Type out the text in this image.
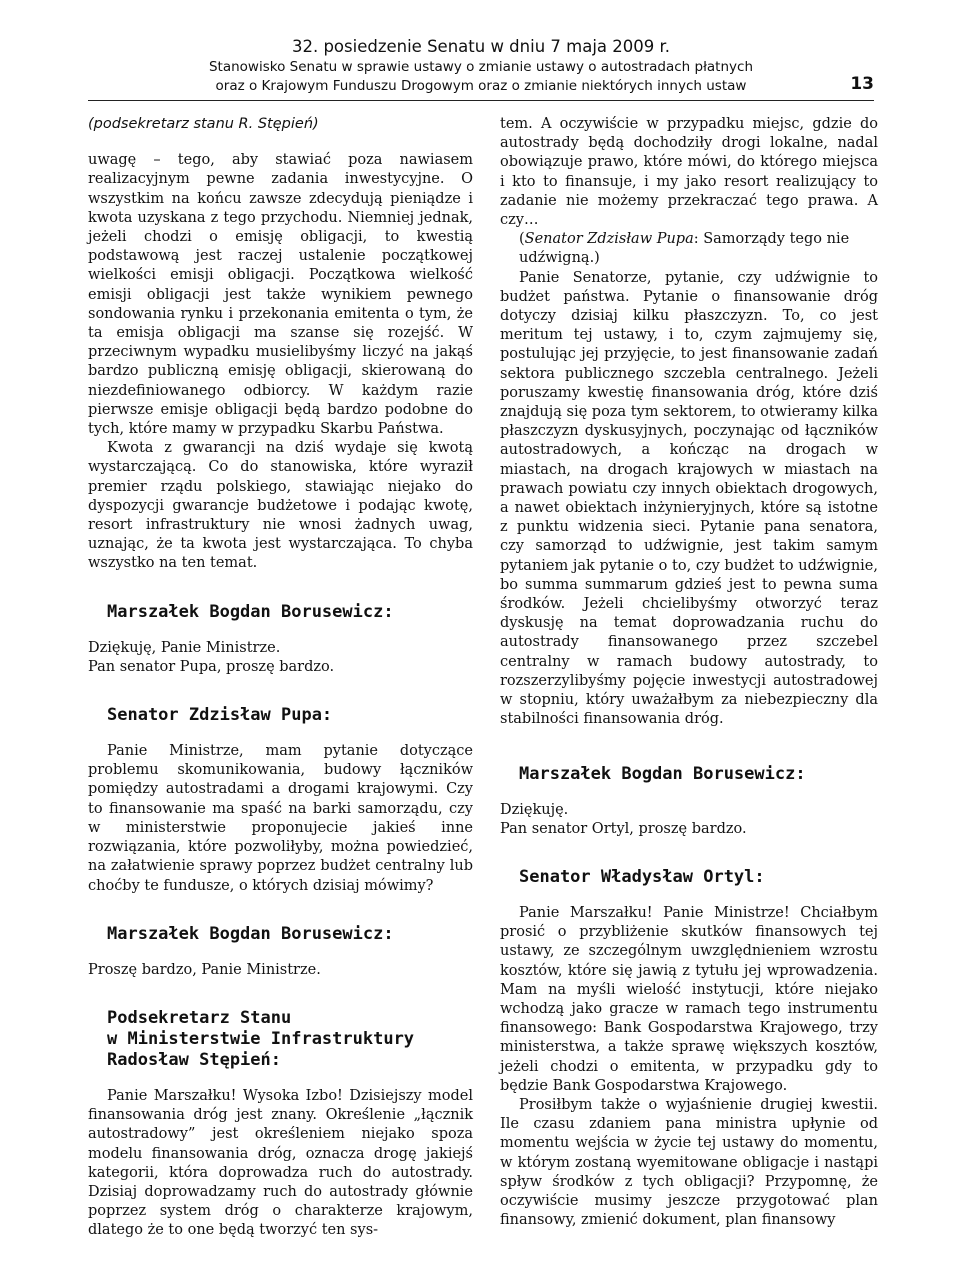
32. posiedzenie Senatu w dniu 7 maja 2009 r.
Stanowisko Senatu w sprawie ustawy o zmianie ustawy o autostradach płatnych
oraz o Krajowym Funduszu Drogowym oraz o zmianie niektórych innych ustaw	13
(podsekretarz stanu R. Stępień)

uwagę – tego, aby stawiać poza nawiasem realizacyjnym pewne zadania inwestycyjne. O wszystkim na końcu zawsze zdecydują pieniądze i kwota uzyskana z tego przychodu. Niemniej jednak, jeżeli chodzi o emisję obligacji, to kwestią podstawową jest raczej ustalenie początkowej wielkości emisji obligacji. Początkowa wielkość emisji obligacji jest także wynikiem pewnego sondowania rynku i przekonania emitenta o tym, że ta emisja obligacji ma szanse się rozejść. W przeciwnym wypadku musielibyśmy liczyć na jakąś bardzo publiczną emisję obligacji, skierowaną do niezdefiniowanego odbiorcy. W każdym razie pierwsze emisje obligacji będą bardzo podobne do tych, które mamy w przypadku Skarbu Państwa.

Kwota z gwarancji na dziś wydaje się kwotą wystarczającą. Co do stanowiska, które wyraził premier rządu polskiego, stawiając niejako do dyspozycji gwarancje budżetowe i podając kwotę, resort infrastruktury nie wnosi żadnych uwag, uznając, że ta kwota jest wystarczająca. To chyba wszystko na ten temat.

Marszałek Bogdan Borusewicz:

Dziękuję, Panie Ministrze.

Pan senator Pupa, proszę bardzo.

Senator Zdzisław Pupa:

Panie Ministrze, mam pytanie dotyczące problemu skomunikowania, budowy łączników pomiędzy autostradami a drogami krajowymi. Czy to finansowanie ma spaść na barki samorządu, czy w ministerstwie proponujecie jakieś inne rozwiązania, które pozwoliłyby, można powiedzieć, na załatwienie sprawy poprzez budżet centralny lub choćby te fundusze, o których dzisiaj mówimy?

Marszałek Bogdan Borusewicz:

Proszę bardzo, Panie Ministrze.

Podsekretarz Stanu
w Ministerstwie Infrastruktury
Radosław Stępień:

Panie Marszałku! Wysoka Izbo! Dzisiejszy model finansowania dróg jest znany. Określenie „łącznik autostradowy” jest określeniem niejako spoza modelu finansowania dróg, oznacza drogę jakiejś kategorii, która doprowadza ruch do autostrady. Dzisiaj doprowadzamy ruch do autostrady głównie poprzez system dróg o charakterze krajowym, dlatego że to one będą tworzyć ten sys-

tem. A oczywiście w przypadku miejsc, gdzie do autostrady będą dochodziły drogi lokalne, nadal obowiązuje prawo, które mówi, do którego miejsca i kto to finansuje, i my jako resort realizujący to zadanie nie możemy przekraczać tego prawa. A czy…

(Senator Zdzisław Pupa: Samorządy tego nie udźwigną.)

Panie Senatorze, pytanie, czy udźwignie to budżet państwa. Pytanie o finansowanie dróg dotyczy dzisiaj kilku płaszczyzn. To, co jest meritum tej ustawy, i to, czym zajmujemy się, postulując jej przyjęcie, to jest finansowanie zadań sektora publicznego szczebla centralnego. Jeżeli poruszamy kwestię finansowania dróg, które dziś znajdują się poza tym sektorem, to otwieramy kilka płaszczyzn dyskusyjnych, poczynając od łączników autostradowych, a kończąc na drogach w miastach, na drogach krajowych w miastach na prawach powiatu czy innych obiektach drogowych, a nawet obiektach inżynieryjnych, które są istotne z punktu widzenia sieci. Pytanie pana senatora, czy samorząd to udźwignie, jest takim samym pytaniem jak pytanie o to, czy budżet to udźwignie, bo summa summarum gdzieś jest to pewna suma środków. Jeżeli chcielibyśmy otworzyć teraz dyskusję na temat doprowadzania ruchu do autostrady finansowanego przez szczebel centralny w ramach budowy autostrady, to rozszerzylibyśmy pojęcie inwestycji autostradowej w stopniu, który uważałbym za niebezpieczny dla stabilności finansowania dróg.

Marszałek Bogdan Borusewicz:

Dziękuję.

Pan senator Ortyl, proszę bardzo.

Senator Władysław Ortyl:

Panie Marszałku! Panie Ministrze! Chciałbym prosić o przybliżenie skutków finansowych tej ustawy, ze szczególnym uwzględnieniem wzrostu kosztów, które się jawią z tytułu jej wprowadzenia. Mam na myśli wielość instytucji, które niejako wchodzą jako gracze w ramach tego instrumentu finansowego: Bank Gospodarstwa Krajowego, trzy ministerstwa, a także sprawę większych kosztów, jeżeli chodzi o emitenta, w przypadku gdy to będzie Bank Gospodarstwa Krajowego.

Prosiłbym także o wyjaśnienie drugiej kwestii. Ile czasu zdaniem pana ministra upłynie od momentu wejścia w życie tej ustawy do momentu, w którym zostaną wyemitowane obligacje i nastąpi spływ środków z tych obligacji? Przypomnę, że oczywiście musimy jeszcze przygotować plan finansowy, zmienić dokument, plan finansowy
